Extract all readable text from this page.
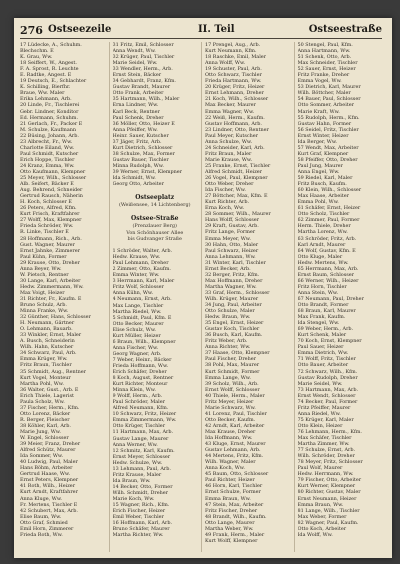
276 Ostseezeile	II. Teil	Ostseestraße
17 Lüdecke, A., Schuhm.
Blechschm. E
K. Grau, Ww.
18 Seiffert, W., Angest.
F. A. Sprost, R. Leuchte
E. Radtke, Angest. E
19 Deutsch, E., Schlachter
K. Schilling, Bierfhr.
Braue, Ww. Maler
Erika Lehmann, Arb.
20 Linde, Fr., Tischlerei
Gebr. Lindner, Konditor
Ed. Hermann, Schuhm.
21 Gerlach, Fr., Packer E
M. Schulze, Kaufmann
22 Büsing, Johann, Arb.
23 Albrecht, Fr., Ww.
Charlotte Eiland, Ww.
Paul Schmidt, Kutscher
Erich Hoppe, Tischler
24 Kranz, Emma, Ww.
Otto Kaufmann, Klempner
25 Meyer, Wilh., Schlosser
Alb. Seifert, Bäcker E
Aug. Behrend, Schneider
Gertrud Rausch, Näherin
H. Koch, Schlosser E
26 Peters, Alfred, Kfm.
Kurt Frisch, Kraftfahrer
27 Wolff, Max, Klempner
Frieda Schröder, Ww.
R. Linke, Tischler E
28 Hoffmann, Rich., Arb.
Gust. Wagner, Maurer
Ernst Jahnke, Zimmerer
Paul Kühn, Former
29 Krause, Otto, Dreher
Anna Beyer, Ww.
W. Pietsch, Rentner
30 Lange, Karl, Arbeiter
Hedw. Zimmermann, Ww.
Max Voigt, Heizer
31 Richter, Fr., Kaufm. E
Bruno Schulz, Arb.
Minna Franke, Ww.
32 Günther, Hans, Schlosser
H. Neumann, Gärtner
O. Lehmann, Bauarb.
33 Winkler, Ernst, Maler
A. Busch, Schneiderin
Wilh. Hahn, Kutscher
34 Schwarz, Paul, Arb.
Emma Krüger, Ww.
Fritz Braun, Tischler
35 Schmidt, Aug., Rentner
Kurt Vogel, Monteur
Martha Pohl, Ww.
36 Walter, Gust., Arb. E
Erich Thiele, Lagerist
Paula Scholz, Ww.
37 Fischer, Herm., Kfm.
Otto Lorenz, Bäcker
R. Berger, Fleischer
38 Köhler, Karl, Arb.
Marie Jung, Ww.
W. Engel, Schlosser
39 Meier, Franz, Dreher
Alfred Schütz, Maurer
Ida Sommer, Ww.
40 Ludwig, Paul, Maler
Hans Böhm, Arbeiter
Gertrud Haase, Ww.
Ernst Peters, Klempner
41 Roth, Wilh., Heizer
Kurt Arndt, Kraftfahrer
Anna Kluge, Ww.
Fr. Mertens, Tischler E
42 Schubert, Max, Arb.
Elise Baum, Ww.
Otto Graf, Schmied
Emil Horn, Zimmerer
Frieda Roth, Ww.
31 Fritz, Emil, Schlosser
Anna Wendt, Ww.
32 Krüger, Paul, Tischler
Marie Seidel, Ww.
33 Wendler, Herm., Arb.
Ernst Stein, Bäcker
34 Gebhardt, Franz, Kfm.
Gustav Brandt, Maurer
Otto Frank, Arbeiter
35 Hartmann, Wilh., Maler
Erna Lindner, Ww.
Karl Beck, Rentner
Paul Schenk, Dreher
36 Möller, Otto, Heizer E
Anna Pfeiffer, Ww.
Heinr. Sauer, Kutscher
37 Jäger, Fritz, Arb.
Kurt Dietrich, Schlosser
38 Schulze, Max, Former
Gustav Bauer, Tischler
Minna Rudolph, Ww.
39 Werner, Ernst, Klempner
Ida Schmidt, Ww.
Georg Otto, Arbeiter

Ostseeplatz
(Weißensee, 14 Lichtenberg)

Ostsee-Straße
(Prenzlauer Berg)
Von Schönhauser Allee
bis Gudvanger Straße

1 Schröder, Walter, Arb.
Hedw. Krause, Ww.
Paul Lehmann, Dreher
2 Zimmer, Otto, Kaufm.
Emma Winter, Ww.
3 Herrmann, Karl, Maler
Fritz Wolf, Schlosser
Anna Kühn, Ww.
4 Neumann, Ernst, Arb.
Max Lange, Tischler
Martha Riedel, Ww.
5 Schmidt, Paul, Kfm. E
Otto Becker, Maurer
Elise Schulz, Ww.
Kurt Müller, Heizer
6 Braun, Wilh., Klempner
Anna Fischer, Ww.
Georg Wagner, Arb.
7 Weber, Heinr., Bäcker
Frieda Hoffmann, Ww.
Erich Schäfer, Dreher
8 Koch, August, Rentner
Kurt Richter, Monteur
Minna Klein, Ww.
9 Wolff, Herm., Arb.
Paul Schröder, Maler
Alfred Neumann, Kfm.
10 Schwarz, Fritz, Heizer
Emma Zimmermann, Ww.
Otto Krüger, Tischler
11 Hartmann, Max, Arb.
Gustav Lange, Maurer
Anna Werner, Ww.
12 Schmitz, Karl, Kaufm.
Ernst Meyer, Schlosser
Hedw. Schulze, Ww.
13 Lehmann, Paul, Arb.
Fritz Krause, Maler
Ida Braun, Ww.
14 Becker, Otto, Former
Wilh. Schmidt, Dreher
Marie Koch, Ww.
15 Wagner, Rich., Kfm.
Erich Fischer, Heizer
Emil Weber, Tischler
16 Hoffmann, Karl, Arb.
Bruno Schäfer, Maurer
Martha Richter, Ww.
17 Prengel, Aug., Arb.
Kurt Neumann, Kfm.
18 Raschke, Emil, Maler
Anna Wolff, Ww.
19 Schuster, Paul, Arb.
Otto Schwarz, Tischler
Frieda Hartmann, Ww.
20 Krüger, Fritz, Heizer
Ernst Lehmann, Dreher
21 Koch, Wilh., Schlosser
Max Becker, Maurer
Emma Wagner, Ww.
22 Weiß, Herm., Kaufm.
Gustav Hoffmann, Arb.
23 Lindner, Otto, Rentner
Paul Meyer, Kutscher
Anna Schulze, Ww.
24 Schneider, Karl, Arb.
Fritz Braun, Maler
Marie Krause, Ww.
25 Franke, Ernst, Tischler
Alfred Schmidt, Heizer
26 Vogel, Paul, Klempner
Otto Weber, Dreher
Ida Fischer, Ww.
27 Böttcher, Max, Kfm. E
Kurt Richter, Arb.
Erna Koch, Ww.
28 Sommer, Wilh., Maurer
Hans Wolff, Schlosser
29 Kraft, Gustav, Arb.
Fritz Lange, Former
Emma Meyer, Ww.
30 Hahn, Otto, Maler
Paul Schwarz, Heizer
Anna Lehmann, Ww.
31 Winter, Karl, Tischler
Ernst Becker, Arb.
32 Berger, Fritz, Kfm.
Max Hoffmann, Dreher
Martha Wagner, Ww.
33 Graf, Herm., Schlosser
Wilh. Krüger, Maurer
34 Jung, Paul, Arbeiter
Otto Schulze, Maler
Hedw. Braun, Ww.
35 Engel, Ernst, Heizer
Gustav Koch, Tischler
36 Busch, Karl, Kaufm.
Fritz Weber, Arb.
Anna Richter, Ww.
37 Haase, Otto, Klempner
Paul Fischer, Dreher
38 Pohl, Max, Maurer
Kurt Schmidt, Former
Emma Lange, Ww.
39 Scholz, Wilh., Arb.
Ernst Wolff, Schlosser
40 Thiele, Herm., Maler
Fritz Meyer, Heizer
Marie Schwarz, Ww.
41 Lorenz, Paul, Tischler
Otto Becker, Kaufm.
42 Arndt, Karl, Arbeiter
Max Krause, Dreher
Ida Hoffmann, Ww.
43 Kluge, Ernst, Maurer
Gustav Lehmann, Arb.
44 Mertens, Fritz, Kfm.
Wilh. Wagner, Maler
Anna Koch, Ww.
45 Baum, Otto, Schlosser
Paul Richter, Heizer
46 Horn, Karl, Tischler
Ernst Schulze, Former
Emma Braun, Ww.
47 Stein, Max, Arbeiter
Fritz Fischer, Dreher
48 Brandt, Wilh., Kaufm.
Otto Lange, Maurer
Martha Weber, Ww.
49 Frank, Herm., Maler
Kurt Wolff, Klempner
50 Stengel, Paul, Kfm.
Anna Hartmann, Ww.
51 Schenk, Otto, Arb.
Max Schneider, Tischler
52 Sauer, Ernst, Heizer
Fritz Franke, Dreher
Emma Vogel, Ww.
53 Dietrich, Karl, Maurer
Wilh. Böttcher, Maler
54 Bauer, Paul, Schlosser
Otto Sommer, Arbeiter
Marie Kraft, Ww.
55 Rudolph, Herm., Kfm.
Gustav Hahn, Former
56 Seidel, Fritz, Tischler
Ernst Winter, Heizer
Ida Berger, Ww.
57 Wendt, Max, Arbeiter
Kurt Graf, Klempner
58 Pfeiffer, Otto, Dreher
Paul Jung, Maurer
Anna Engel, Ww.
59 Riedel, Karl, Maler
Fritz Busch, Kaufm.
60 Klein, Wilh., Schlosser
Max Haase, Arbeiter
Emma Pohl, Ww.
61 Schäfer, Ernst, Heizer
Otto Scholz, Tischler
62 Zimmer, Paul, Former
Herm. Thiele, Dreher
Martha Lorenz, Ww.
63 Schröder, Fritz, Arb.
Karl Arndt, Maurer
64 Wolf, Gustav, Kfm. E
Otto Kluge, Maler
Hedw. Mertens, Ww.
65 Herrmann, Max, Arb.
Ernst Baum, Schlosser
66 Werner, Wilh., Heizer
Fritz Horn, Tischler
Anna Stein, Ww.
67 Neumann, Paul, Dreher
Otto Brandt, Former
68 Braun, Karl, Maurer
Max Frank, Kaufm.
Ida Stengel, Ww.
69 Weber, Herm., Arb.
Kurt Schenk, Maler
70 Koch, Ernst, Klempner
Paul Sauer, Heizer
Emma Dietrich, Ww.
71 Wolff, Fritz, Tischler
Otto Bauer, Arbeiter
72 Schwarz, Wilh., Kfm.
Gustav Rudolph, Dreher
Marie Seidel, Ww.
73 Hartmann, Max, Arb.
Ernst Wendt, Schlosser
74 Becker, Paul, Former
Fritz Pfeiffer, Maurer
Anna Riedel, Ww.
75 Krüger, Karl, Maler
Otto Klein, Heizer
76 Lehmann, Herm., Kfm.
Max Schäfer, Tischler
Martha Zimmer, Ww.
77 Schulze, Ernst, Arb.
Wilh. Schröder, Dreher
78 Meyer, Fritz, Schlosser
Paul Wolf, Maurer
Hedw. Herrmann, Ww.
79 Fischer, Otto, Arbeiter
Kurt Werner, Klempner
80 Richter, Gustav, Maler
Ernst Neumann, Heizer
Emma Braun, Ww.
81 Lange, Wilh., Tischler
Max Weber, Former
82 Wagner, Paul, Kaufm.
Otto Koch, Arbeiter
Ida Wolff, Ww.
